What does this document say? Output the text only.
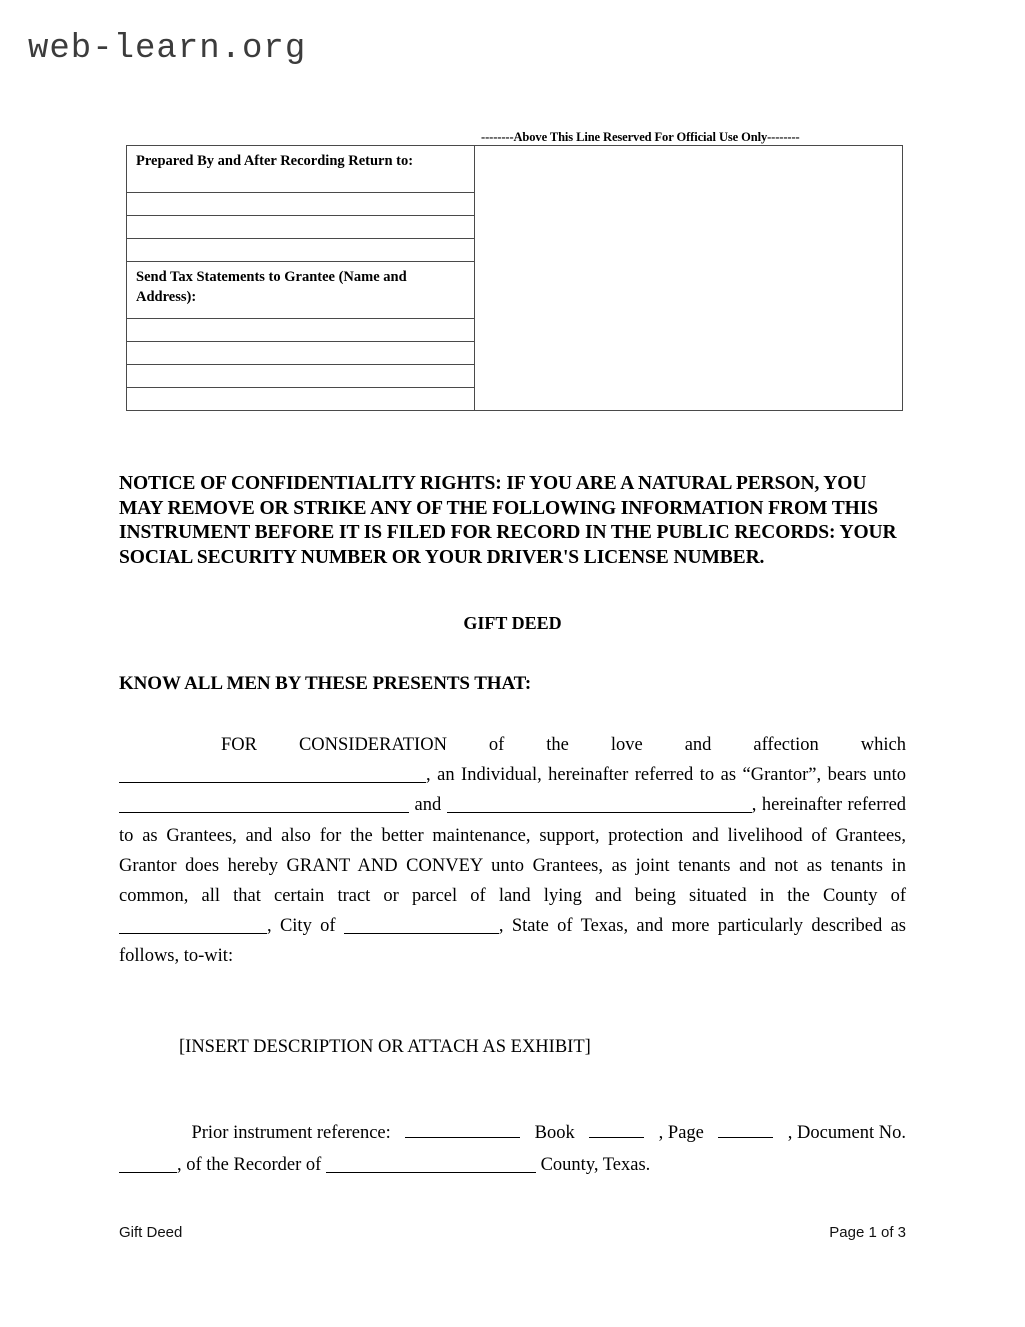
web-learn.org
Prepared By and After Recording Return to:

--------Above This Line Reserved For Official Use Only--------

Send Tax Statements to Grantee (Name and Address):

NOTICE OF CONFIDENTIALITY RIGHTS: IF YOU ARE A NATURAL PERSON, YOU MAY REMOVE OR STRIKE ANY OF THE FOLLOWING INFORMATION FROM THIS INSTRUMENT BEFORE IT IS FILED FOR RECORD IN THE PUBLIC RECORDS: YOUR SOCIAL SECURITY NUMBER OR YOUR DRIVER'S LICENSE NUMBER.
GIFT DEED
KNOW ALL MEN BY THESE PRESENTS THAT:
FOR CONSIDERATION of the love and affection which
, an Individual, hereinafter referred to as “Grantor”, bears unto  and	, hereinafter referred to as Grantees, and also for the better maintenance, support, protection and livelihood of Grantees, Grantor does hereby GRANT AND CONVEY unto Grantees, as joint tenants and not as tenants in common, all that certain tract or parcel of land lying and being situated in the County of , City of	, State of Texas, and more particularly described as follows, to-wit:
[INSERT DESCRIPTION OR ATTACH AS EXHIBIT]
Prior instrument reference:	Book	, Page	, Document No.
, of the Recorder of	County, Texas.
Gift Deed	Page 1 of 3
